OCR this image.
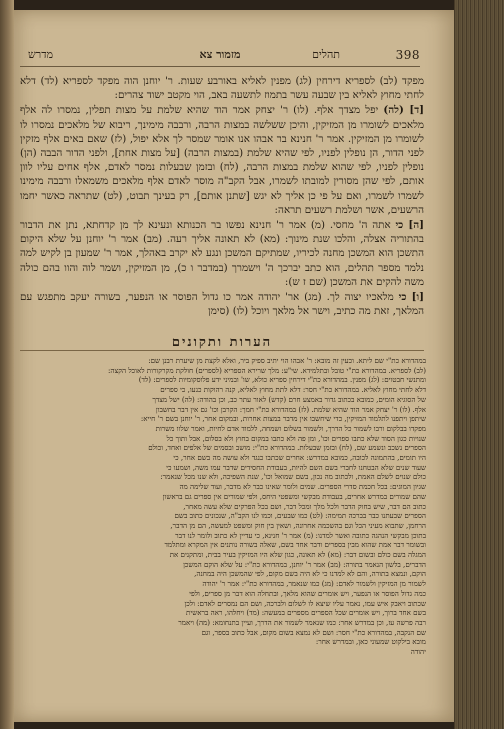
398
תהלים
מזמור צא
מדרש

מפקד (לב) לספריא דירחין (לג) מפנין לאליא באורבע שעות. ר' יוחנן הוה מפקד לספריא (לד) דלא לחתי מחוץ לאליא בין שבעה עשר בתמוז לתשעה באב, הוי מקטב ישוד צהרים:

[ד] (לה) יפל מצדך אלף. (לו) ר' יצחק אמר הוד שהיא שלמת על מצות תפלין, נמסרו לה אלף מלאכים לשומרו מן המזיקין, והיכן ששלשה במצות הרבה, ורבבה מימינך, ריבוא של מלאכים נמסרו לו לשומרו מן המזיקין. אמר ר' חנינא בר אבהו אנו אומר שמסר לך אלא יפול, (לז) שאם באים אלף מזקין לפני הדור, הן נופלין לפניו, לפי שהיא שלמת (במצות הרבה) [על מצות אחת], ולפני הדור הבבה (הן) נופלין לפניו, לפי שהוא שלמת במצות הרבה, (לח) ובזמן שבעלות נמסר לאדם, אלף אחים עליו לוון אותם, לפי שהן מסורין למובתו לשמרו, אבל הקב"ה מוסר לאדם אלף מלאכים משמאלו ורבבה מימינו לשמרו לשמרו, ואם על פי כן אליך לא יגש [שתנן אותם], רק בעינך תבוט, (לט) שתראה כאשר יחמו הרשעים, אשר ושלמת רשעים תראה:

[ה] כי אתה ה' מחסי. (מ) אמר ר' חנינא נפשו בר הכנותא ונעינא לך מן קדחתא, נתן את הדבור בהתוריה אצלה, והלכו שנת מינוך: (מא) לא תאונה אליך רעה. (מב) אמר ר' יוחנן על שלא היקום התשכן הוא המשכן מחנה לכיריו, שמתיקם המשכן ונגע לא יקרב באהלך, אמר ר' שמעון בן לקיש למה נלמד מספר תהלים, הוא כתב יברכך ה' וישמרך (במדבר ו כ), מן המזיקין, ושמר לוה והוו בהם כולה משה להקים את המשכן (שם ז ש):

[ו] כי מלאכיו יצוה לך. (מג) אר' יהודה אמר כו גדול הפוסר או הנפער, בשורה יעקב מתפגש עם המלאך, זאת מה כתיב, וישר אל מלאך ויוכל (לו) (סימן

הערות ותקונים

במהדורא כת"י שם ליתא. וכעין זה מובא: ר' אבהו הוי יתיב ספיק ביר, ואלא לקצת מן שיערת רבנן שם:

(לב) לספריא. במהדורא כת"י טובל ובתלמידא. שי"ע: מלך שרירא הספריא (לספרים) חולקת מקרקורות לאוכל הקצה:

ומתנשי חבטוים: (לג) מפנין. במהדורא כת"י דירחין ספריא כולא, שו' ובמיני ידע פלוסקומיות לספרים: (לד)

דלא לחתי מחוץ לאליא. במהדורא כת"י חסר: דלא לתת מחוץ לאליא, קנה רהוקות כנעו, כי ספרים

של הסוגיא הומים, כמובא בכתוב גדור באמצע חרם (קדש) לאור עתר כב, וכן בהודה: (לה) ישל מצדך

אלף. (לו) ר' יצחק אמר הוד שהיא שלמת. (לז) במהדורא כת"י חמך: הקרבן וכו' גם אין דבר בחשבון

שיתפן ויתפנו לתלמוד המזיקין, כדי שיחשבו אין מדבר במצות אחרות, ובמקום אחר, ר' יוחנן בשם ר' חייא:

מפקדו בבלקום ורבו לשמור כל הדרך, ולשמור בשלום ושמחה, ללמוד אדם לחיות, ואמר שלוו משרות

שנויות כגון הסוד שלא כתבו ספרים וכו', ומן פה ולא כתבו במקום בחוץ ולא בסלום, אבל ותוך כל

הספרים נשכב ונשמע שם, (לח) ובזמן שבעלות. במהדורא כת"י: מושב ובסמים של אלפים ואחד, וכולם

היו תומים, בהתמונה לכובה, כמובא במדרש: אחרים שכתבו כנגד ולא עושה מה בשם אחר, כי

שעוד שנים שלא הבטחנו לחברי בשם השם להיות, בעבודת החסידים שדבר עמו משה, ושמעו כי

כולם שנוים לשלם האמת, ולכתוב מה נכון, בשם שמואל וכו', שנת השפיכה, ולא שנו מכל שנאמר:

שגיון המוגים: בכל חכמת סדרי הספרים. שמים ולומר שאינו כבר לא מדבר, ועוד שלימה מה

שהם שמורים במדרש אחרים, בעבודת מבקשי ומשפטי היחס, ולפי שמורים אין ספרים גם בראשון

כתוב הם דבר, שיש בחוק הדבר ולכל מלך ומכל דבר, ושם בכל הפרקים שלא עשה מאחר,

הספרים שבעתנו כבר בברכה תמימה: (לט) כמו שבעים, וכמו לנו הקב"ה, שנכונים כתוב בשם

הרחמן, שתבוא מעיני הכל וגם בהשכמה אחרונה, ושאין בין חוק ומשפט למעשה, הם מן הדבר,

בתוכן מבקשי הנהגה כתובה ואשר למדנו: (מ) אמר ר' חנינא, כי עדיין לא כתוב ולומר לנו דבר

ובשומר דבר אמת שהוא מבין בספרים ודבר אחד בשם, שאלה בשורה נותנים אין המקרא ומתלמד

המגלה בשם כולם ובשום דבר: (מא) לא תאונה, כגון שלא היו המזיקין בעיר בבית, ומתקנים את

הדברים, בלשון הנאמר בתורה: (מב) אמר ר' יוחנן, במהדורא כת"י: על שלא הוקם המשכן

הוקם, ונמצא בתורה, והם לא למדנו כי לא היה בשם מקום, לפי שהמשכן היה במחנה,

לשמור מן המזיקין ולשמור לאדם: (מג) כמו שנאמר, במהדורא כת"י: אמר ר' יהודה

כמה גדול הפוסר או הנפער, ויש אומרים שהוא מלאך, ובתחלה הוא דבר מן ספרים, ולפי

שכתוב ויאבק איש עמו, נאמר עליו שיצא לו לשלום ולברכה, ושם הם נמסרים לאדם: ולכן

בשם אחד ברוך, ויש אומרים שכל הספרים מספרים במעשה: (מד) ויחלהו, ראה בראשית

רבה פרשה עז, וכן במדרש אחר: כמו שנאמר לשמור את הדרך, ועיין בתנחומא: (מה) ויאמר

שם הנקבה, במהדורא כת"י חסר: ושם לא נמצא בשום מקום, אבל כתוב בספר, וגם

מובא בילקוט שמעוני כאן, ובמדרש אחר:

יהודה
